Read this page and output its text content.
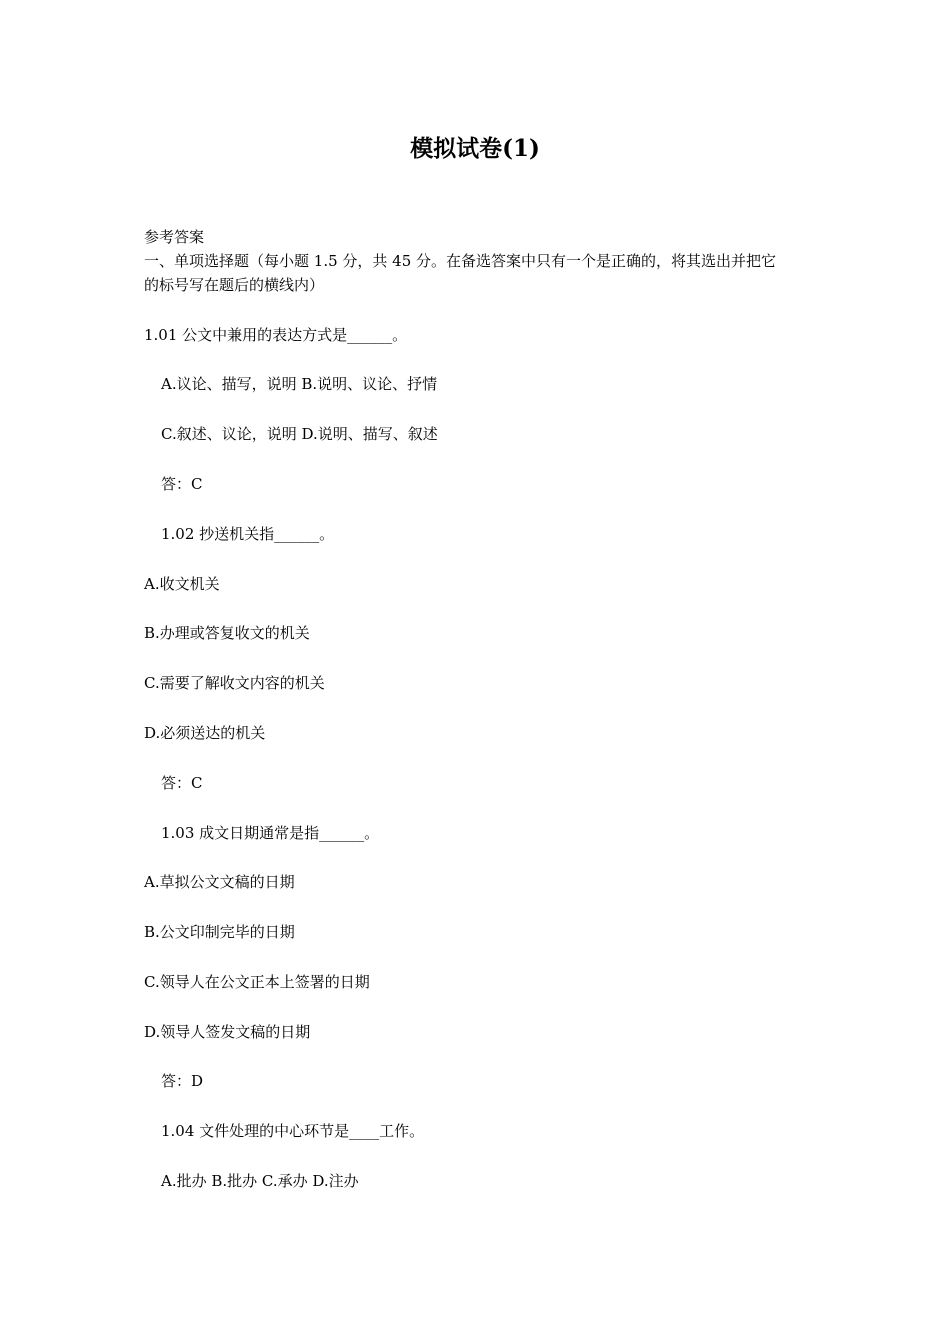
模拟试卷(1)
参考答案
一、单项选择题（每小题 1.5 分，共 45 分。在备选答案中只有一个是正确的，将其选出并把它
的标号写在题后的横线内）
1.01 公文中兼用的表达方式是______。
A.议论、描写，说明 B.说明、议论、抒情
C.叙述、议论，说明 D.说明、描写、叙述
答：C
1.02 抄送机关指______。
A.收文机关
B.办理或答复收文的机关
C.需要了解收文内容的机关
D.必须送达的机关
答：C
1.03 成文日期通常是指______。
A.草拟公文文稿的日期
B.公文印制完毕的日期
C.领导人在公文正本上签署的日期
D.领导人签发文稿的日期
答：D
1.04 文件处理的中心环节是____工作。
A.批办 B.批办 C.承办 D.注办
